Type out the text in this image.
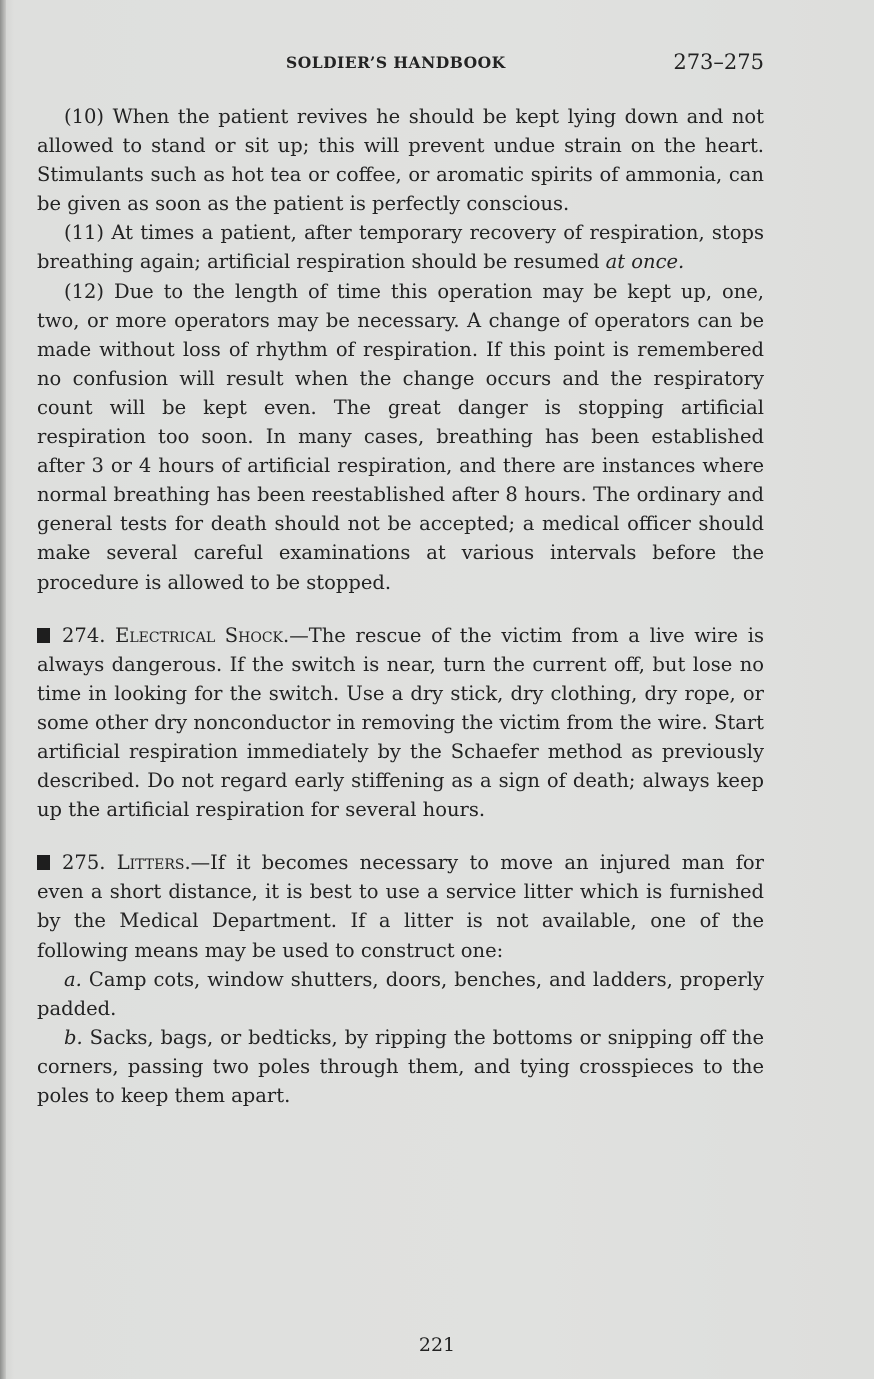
SOLDIER’S HANDBOOK	273–275

(10) When the patient revives he should be kept lying down and not allowed to stand or sit up; this will prevent undue strain on the heart. Stimulants such as hot tea or coffee, or aromatic spirits of ammonia, can be given as soon as the patient is perfectly conscious.

(11) At times a patient, after temporary recovery of respiration, stops breathing again; artificial respiration should be resumed at once.

(12) Due to the length of time this operation may be kept up, one, two, or more operators may be necessary. A change of operators can be made without loss of rhythm of respiration. If this point is remembered no confusion will result when the change occurs and the respiratory count will be kept even. The great danger is stopping artificial respiration too soon. In many cases, breathing has been established after 3 or 4 hours of artificial respiration, and there are instances where normal breathing has been reestablished after 8 hours. The ordinary and general tests for death should not be accepted; a medical officer should make several careful examinations at various intervals before the procedure is allowed to be stopped.

274. Electrical Shock.—The rescue of the victim from a live wire is always dangerous. If the switch is near, turn the current off, but lose no time in looking for the switch. Use a dry stick, dry clothing, dry rope, or some other dry nonconductor in removing the victim from the wire. Start artificial respiration immediately by the Schaefer method as previously described. Do not regard early stiffening as a sign of death; always keep up the artificial respiration for several hours.

275. Litters.—If it becomes necessary to move an injured man for even a short distance, it is best to use a service litter which is furnished by the Medical Department. If a litter is not available, one of the following means may be used to construct one:

a. Camp cots, window shutters, doors, benches, and ladders, properly padded.

b. Sacks, bags, or bedticks, by ripping the bottoms or snipping off the corners, passing two poles through them, and tying crosspieces to the poles to keep them apart.

221
